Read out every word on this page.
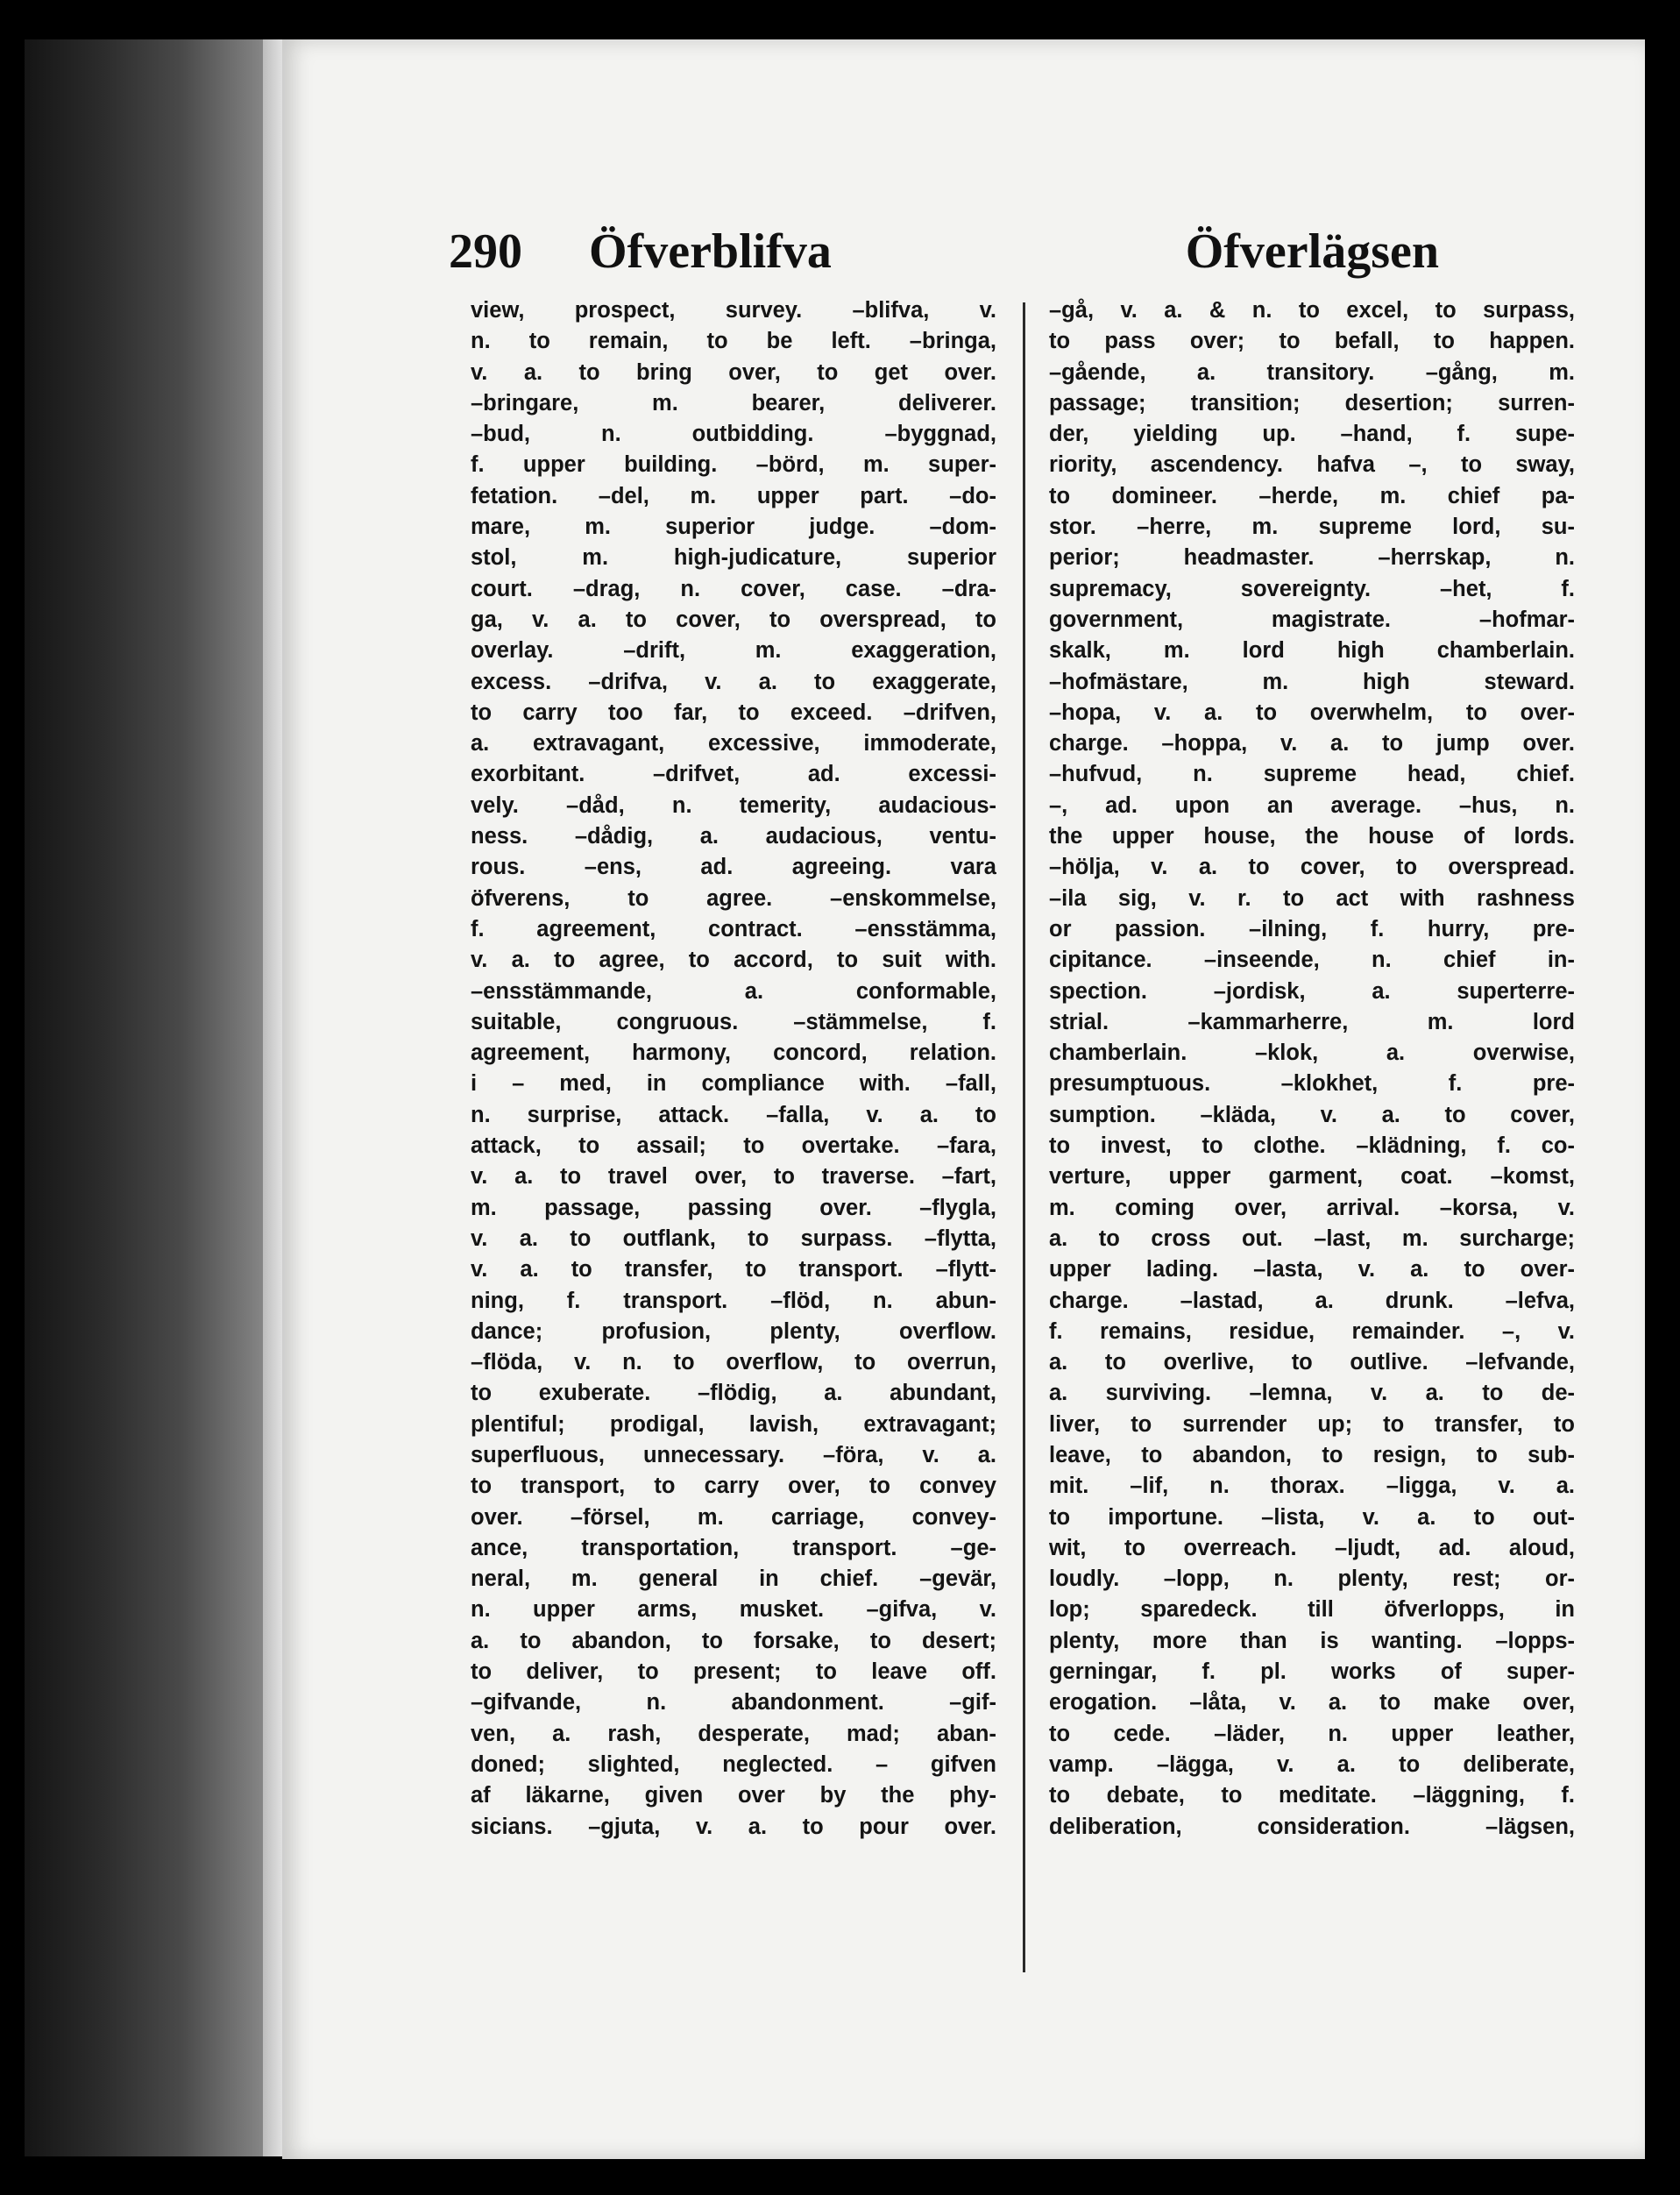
290 Öfverblifva	Öfverlägsen
view, prospect, survey. –blifva, v.
n. to remain, to be left. –bringa,
v. a. to bring over, to get over.
–bringare, m. bearer, deliverer.
–bud, n. outbidding. –byggnad,
f. upper building. –börd, m. super-
fetation. –del, m. upper part. –do-
mare, m. superior judge. –dom-
stol, m. high-judicature, superior
court. –drag, n. cover, case. –dra-
ga, v. a. to cover, to overspread, to
overlay. –drift, m. exaggeration,
excess. –drifva, v. a. to exaggerate,
to carry too far, to exceed. –drifven,
a. extravagant, excessive, immoderate,
exorbitant. –drifvet, ad. excessi-
vely. –dåd, n. temerity, audacious-
ness. –dådig, a. audacious, ventu-
rous. –ens, ad. agreeing. vara
öfverens, to agree. –enskommelse,
f. agreement, contract. –ensstämma,
v. a. to agree, to accord, to suit with.
–ensstämmande, a. conformable,
suitable, congruous. –stämmelse, f.
agreement, harmony, concord, relation.
i – med, in compliance with. –fall,
n. surprise, attack. –falla, v. a. to
attack, to assail; to overtake. –fara,
v. a. to travel over, to traverse. –fart,
m. passage, passing over. –flygla,
v. a. to outflank, to surpass. –flytta,
v. a. to transfer, to transport. –flytt-
ning, f. transport. –flöd, n. abun-
dance; profusion, plenty, overflow.
–flöda, v. n. to overflow, to overrun,
to exuberate. –flödig, a. abundant,
plentiful; prodigal, lavish, extravagant;
superfluous, unnecessary. –föra, v. a.
to transport, to carry over, to convey
over. –försel, m. carriage, convey-
ance, transportation, transport. –ge-
neral, m. general in chief. –gevär,
n. upper arms, musket. –gifva, v.
a. to abandon, to forsake, to desert;
to deliver, to present; to leave off.
–gifvande, n. abandonment. –gif-
ven, a. rash, desperate, mad; aban-
doned; slighted, neglected. – gifven
af läkarne, given over by the phy-
sicians. –gjuta, v. a. to pour over.
–gå, v. a. & n. to excel, to surpass,
to pass over; to befall, to happen.
–gående, a. transitory. –gång, m.
passage; transition; desertion; surren-
der, yielding up. –hand, f. supe-
riority, ascendency. hafva –, to sway,
to domineer. –herde, m. chief pa-
stor. –herre, m. supreme lord, su-
perior; headmaster. –herrskap, n.
supremacy, sovereignty. –het, f.
government, magistrate. –hofmar-
skalk, m. lord high chamberlain.
–hofmästare, m. high steward.
–hopa, v. a. to overwhelm, to over-
charge. –hoppa, v. a. to jump over.
–hufvud, n. supreme head, chief.
–, ad. upon an average. –hus, n.
the upper house, the house of lords.
–hölja, v. a. to cover, to overspread.
–ila sig, v. r. to act with rashness
or passion. –ilning, f. hurry, pre-
cipitance. –inseende, n. chief in-
spection. –jordisk, a. superterre-
strial. –kammarherre, m. lord
chamberlain. –klok, a. overwise,
presumptuous. –klokhet, f. pre-
sumption. –kläda, v. a. to cover,
to invest, to clothe. –klädning, f. co-
verture, upper garment, coat. –komst,
m. coming over, arrival. –korsa, v.
a. to cross out. –last, m. surcharge;
upper lading. –lasta, v. a. to over-
charge. –lastad, a. drunk. –lefva,
f. remains, residue, remainder. –, v.
a. to overlive, to outlive. –lefvande,
a. surviving. –lemna, v. a. to de-
liver, to surrender up; to transfer, to
leave, to abandon, to resign, to sub-
mit. –lif, n. thorax. –ligga, v. a.
to importune. –lista, v. a. to out-
wit, to overreach. –ljudt, ad. aloud,
loudly. –lopp, n. plenty, rest; or-
lop; sparedeck. till öfverlopps, in
plenty, more than is wanting. –lopps-
gerningar, f. pl. works of super-
erogation. –låta, v. a. to make over,
to cede. –läder, n. upper leather,
vamp. –lägga, v. a. to deliberate,
to debate, to meditate. –läggning, f.
deliberation, consideration. –lägsen,
